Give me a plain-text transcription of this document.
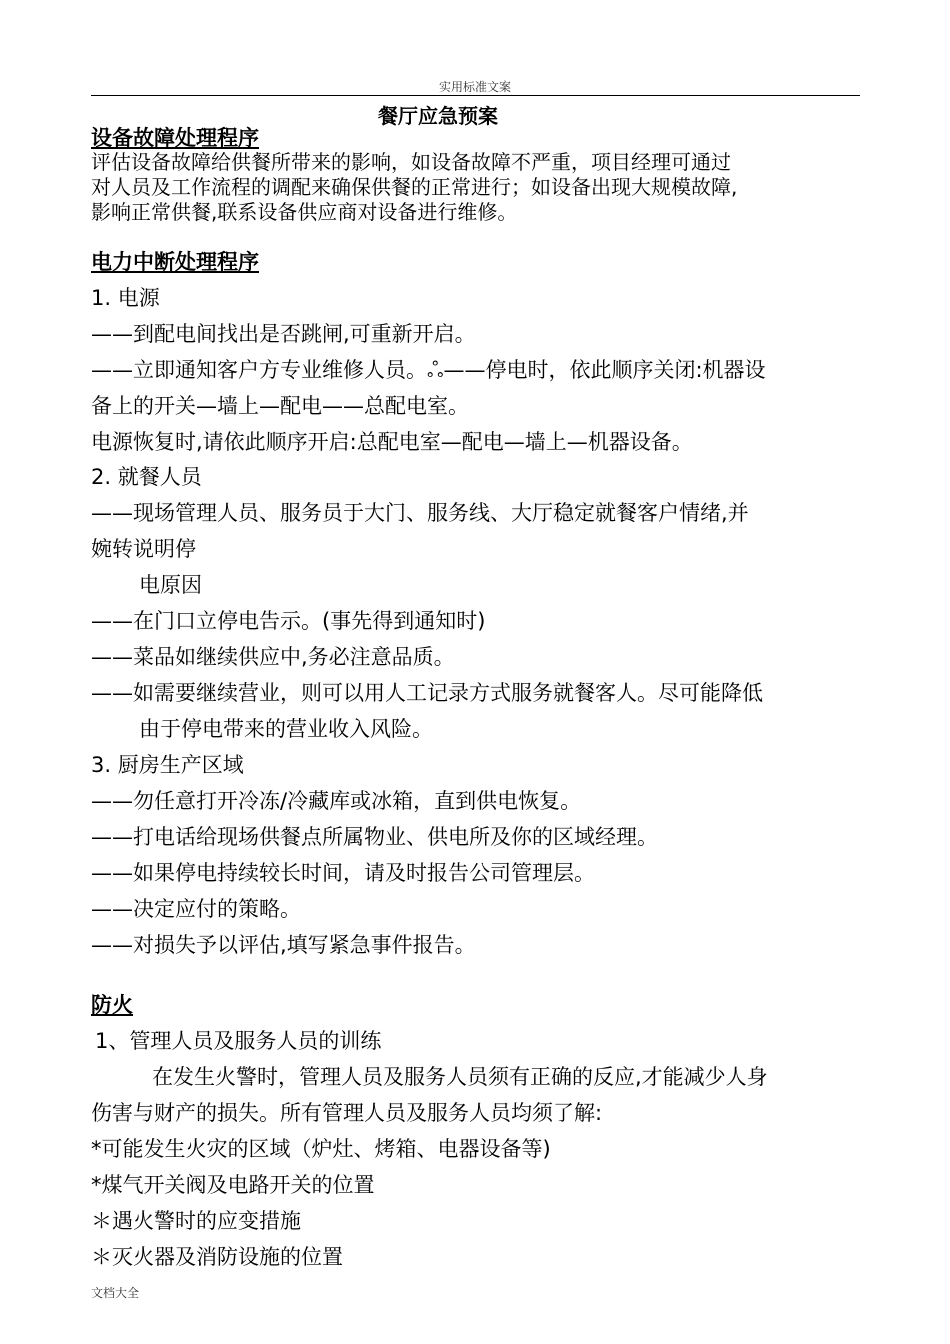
实用标准文案
餐厅应急预案
设备故障处理程序
评估设备故障给供餐所带来的影响，如设备故障不严重，项目经理可通过
对人员及工作流程的调配来确保供餐的正常进行；如设备出现大规模故障,
影响正常供餐,联系设备供应商对设备进行维修。
电力中断处理程序
1. 电源
——到配电间找出是否跳闸,可重新开启。
——立即通知客户方专业维修人员。ஃ——停电时，依此顺序关闭:机器设
备上的开关—墙上—配电——总配电室。
电源恢复时,请依此顺序开启:总配电室—配电—墙上—机器设备。
2. 就餐人员
——现场管理人员、服务员于大门、服务线、大厅稳定就餐客户情绪,并
婉转说明停
电原因
——在门口立停电告示。(事先得到通知时)
——菜品如继续供应中,务必注意品质。
——如需要继续营业，则可以用人工记录方式服务就餐客人。尽可能降低
由于停电带来的营业收入风险。
3. 厨房生产区域
——勿任意打开冷冻/冷藏库或冰箱，直到供电恢复。
——打电话给现场供餐点所属物业、供电所及你的区域经理。
——如果停电持续较长时间，请及时报告公司管理层。
——决定应付的策略。
——对损失予以评估,填写紧急事件报告。
防火
1、管理人员及服务人员的训练
在发生火警时，管理人员及服务人员须有正确的反应,才能减少人身
伤害与财产的损失。所有管理人员及服务人员均须了解:
*可能发生火灾的区域（炉灶、烤箱、电器设备等)
*煤气开关阀及电路开关的位置
＊遇火警时的应变措施
＊灭火器及消防设施的位置
文档大全
